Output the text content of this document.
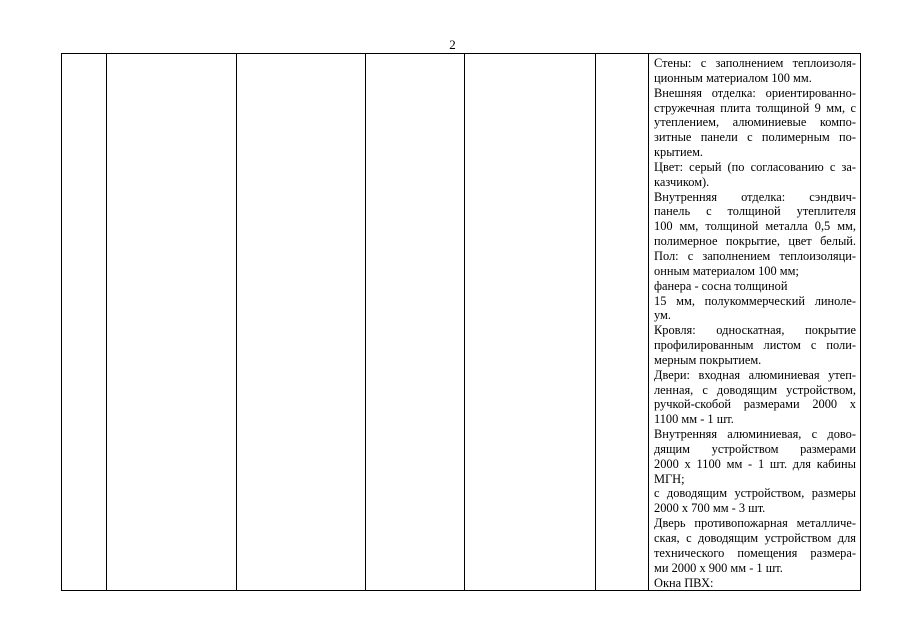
2

Стены: с заполнением теплоизоля-
ционным материалом 100 мм.
Внешняя отделка: ориентированно-
стружечная плита толщиной 9 мм, с
утеплением, алюминиевые компо-
зитные панели с полимерным по-
крытием.
Цвет: серый (по согласованию с за-
казчиком).
Внутренняя отделка: сэндвич-
панель с толщиной утеплителя
100 мм, толщиной металла 0,5 мм,
полимерное покрытие, цвет белый.
Пол: с заполнением теплоизоляци-
онным материалом 100 мм;
фанера - сосна толщиной
15 мм, полукоммерческий линоле-
ум.
Кровля: односкатная, покрытие
профилированным листом с поли-
мерным покрытием.
Двери: входная алюминиевая утеп-
ленная, с доводящим устройством,
ручкой-скобой размерами 2000 х
1100 мм - 1 шт.
Внутренняя алюминиевая, с дово-
дящим устройством размерами
2000 х 1100 мм - 1 шт. для кабины
МГН;
с доводящим устройством, размеры
2000 х 700 мм - 3 шт.
Дверь противопожарная металличе-
ская, с доводящим устройством для
технического помещения размера-
ми 2000 х 900 мм - 1 шт.
Окна ПВХ:
